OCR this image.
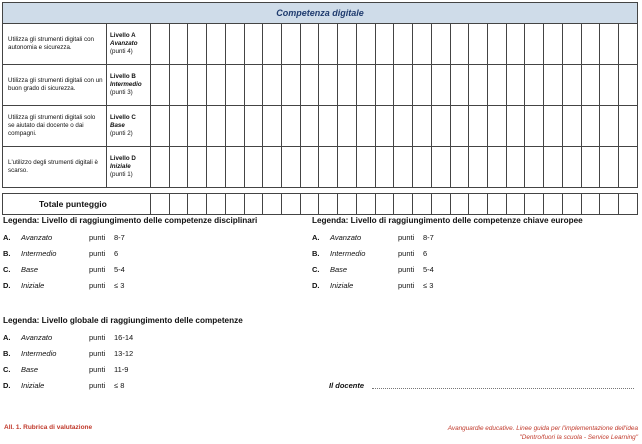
Competenza digitale																											
Utilizza gli strumenti digitali con autonomia e sicurezza.	Livello A
Avanzato
(punti 4)																										

Utilizza gli strumenti digitali con un buon grado di sicurezza.	Livello B
Intermedio
(punti 3)																										

Utilizza gli strumenti digitali solo se aiutato dai docente o dai compagni.	Livello C
Base
(punti 2)																										

L'utilizzo degli strumenti digitali è scarso.	Livello D
Iniziale
(punti 1)																										

Totale punteggio																											
Legenda: Livello di raggiungimento delle competenze disciplinari
A. Avanzato	punti 8-7
B. Intermedio	punti 6
C. Base	punti 5-4
D. Iniziale	punti ≤ 3
Legenda: Livello di raggiungimento delle competenze chiave europee
A. Avanzato	punti 8-7
B. Intermedio	punti 6
C. Base	punti 5-4
D. Iniziale	punti ≤ 3
Legenda: Livello globale di raggiungimento delle competenze
A. Avanzato	punti 16-14
B. Intermedio	punti 13-12
C. Base	punti 11-9
D. Iniziale	punti ≤ 8	Il docente
All. 1. Rubrica di valutazione	Avanguardie educative. Linee guida per l'implementazione dell'idea
"Dentro/fuori la scuola - Service Learning"
